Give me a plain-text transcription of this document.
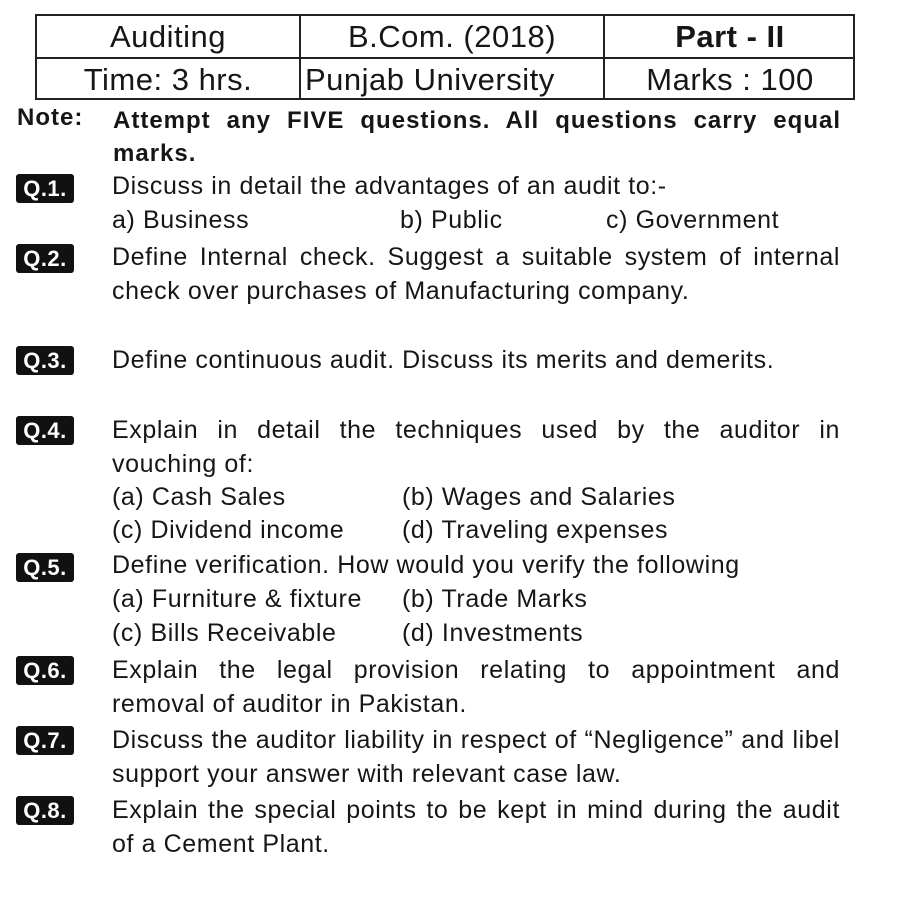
Auditing	B.Com. (2018)	Part - II
Time: 3 hrs.	Punjab University	Marks : 100
Note: Attempt any FIVE questions. All questions carry equal marks.
Q.1. Discuss in detail the advantages of an audit to:-
a) Business	b) Public	c) Government
Q.2. Define Internal check. Suggest a suitable system of internal check over purchases of Manufacturing company.
Q.3. Define continuous audit. Discuss its merits and demerits.
Q.4. Explain in detail the techniques used by the auditor in vouching of:
(a) Cash Sales	(b) Wages and Salaries
(c) Dividend income (d) Traveling expenses
Q.5. Define verification. How would you verify the following
(a) Furniture & fixture (b) Trade Marks
(c) Bills Receivable	(d) Investments
Q.6. Explain the legal provision relating to appointment and removal of auditor in Pakistan.
Q.7. Discuss the auditor liability in respect of “Negligence” and libel support your answer with relevant case law.
Q.8. Explain the special points to be kept in mind during the audit of a Cement Plant.
